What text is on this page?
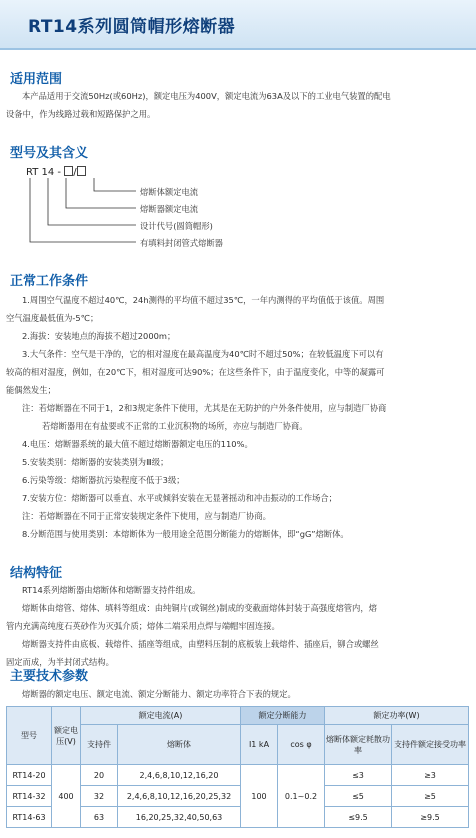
RT14系列圆筒帽形熔断器
适用范围
本产品适用于交流50Hz(或60Hz)，额定电压为400V，额定电流为63A及以下的工业电气装置的配电
设备中，作为线路过载和短路保护之用。
型号及其含义
RT 14 - /
熔断体额定电流
熔断器额定电流
设计代号(圆筒帽形)
有填料封闭管式熔断器
正常工作条件
1.周围空气温度不超过40℃，24h测得的平均值不超过35℃，一年内测得的平均值低于该值。周围
空气温度最低值为-5℃；
2.海拔：安装地点的海拔不超过2000m；
3.大气条件：空气是干净的，它的相对湿度在最高温度为40℃时不超过50%；在较低温度下可以有
较高的相对湿度，例如，在20℃下，相对湿度可达90%；在这些条件下，由于温度变化，中等的凝露可
能偶然发生；
注：若熔断器在不同于1，2和3规定条件下使用，尤其是在无防护的户外条件使用，应与制造厂协商
若熔断器用在有盐要或不正常的工业沉积物的场所，亦应与制造厂协商。
4.电压：熔断器系统的最大值不超过熔断器额定电压的110%。
5.安装类别：熔断器的安装类别为Ⅲ级；
6.污染等级：熔断器抗污染程度不低于3级；
7.安装方位：熔断器可以垂直、水平或倾斜安装在无显著摇动和冲击振动的工作场合；
注：若熔断器在不同于正常安装规定条件下使用，应与制造厂协商。
8.分断范围与使用类别：本熔断体为一般用途全范围分断能力的熔断体，即“gG”熔断体。
结构特征
RT14系列熔断器由熔断体和熔断器支持件组成。
熔断体由熔管、熔体、填料等组成：由纯铜片(或铜丝)制成的变截面熔体封装于高强度熔管内，熔
管内充满高纯度石英砂作为灭弧介质；熔体二端采用点焊与端帽牢固连接。
熔断器支持件由底板、载熔件、插座等组成，由塑料压制的底板装上载熔件、插座后，铆合或螺丝
固定而成，为半封闭式结构。
主要技术参数
熔断器的额定电压、额定电流、额定分断能力、额定功率符合下表的规定。
型号	额定电压(V)	额定电流(A)		额定分断能力		额定功率(W)	
		支持件	熔断体	I1 kA	cos φ	熔断体额定耗散功率	支持件额定接受功率
RT14-20	400	20	2,4,6,8,10,12,16,20	100	0.1~0.2	≤3	≥3
RT14-32		32	2,4,6,8,10,12,16,20,25,32			≤5	≥5
RT14-63		63	16,20,25,32,40,50,63			≤9.5	≥9.5
